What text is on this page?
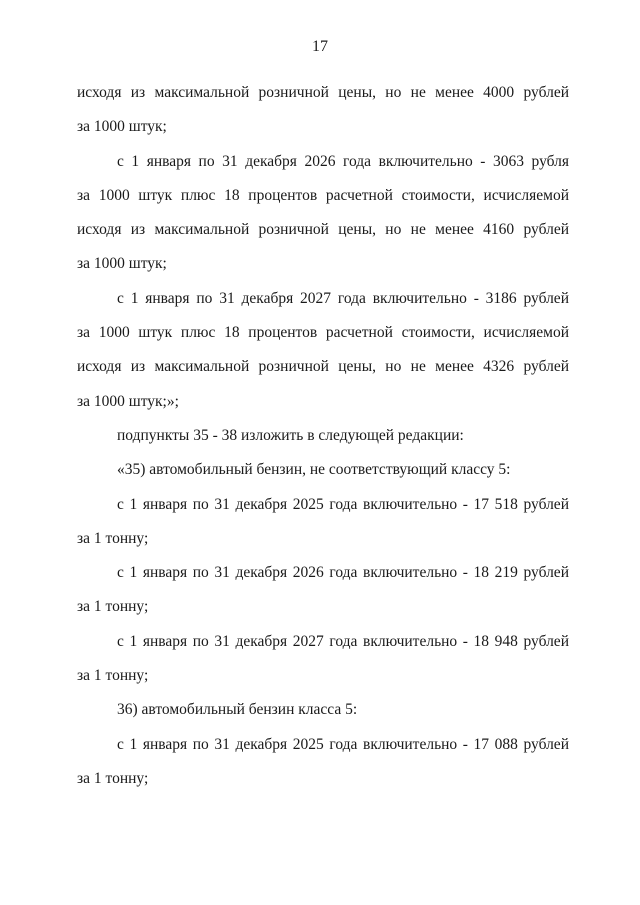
17
исходя из максимальной розничной цены, но не менее 4000 рублей
за 1000 штук;
с 1 января по 31 декабря 2026 года включительно - 3063 рубля
за 1000 штук плюс 18 процентов расчетной стоимости, исчисляемой
исходя из максимальной розничной цены, но не менее 4160 рублей
за 1000 штук;
с 1 января по 31 декабря 2027 года включительно - 3186 рублей
за 1000 штук плюс 18 процентов расчетной стоимости, исчисляемой
исходя из максимальной розничной цены, но не менее 4326 рублей
за 1000 штук;»;
подпункты 35 - 38 изложить в следующей редакции:
«35) автомобильный бензин, не соответствующий классу 5:
с 1 января по 31 декабря 2025 года включительно - 17 518 рублей
за 1 тонну;
с 1 января по 31 декабря 2026 года включительно - 18 219 рублей
за 1 тонну;
с 1 января по 31 декабря 2027 года включительно - 18 948 рублей
за 1 тонну;
36) автомобильный бензин класса 5:
с 1 января по 31 декабря 2025 года включительно - 17 088 рублей
за 1 тонну;
